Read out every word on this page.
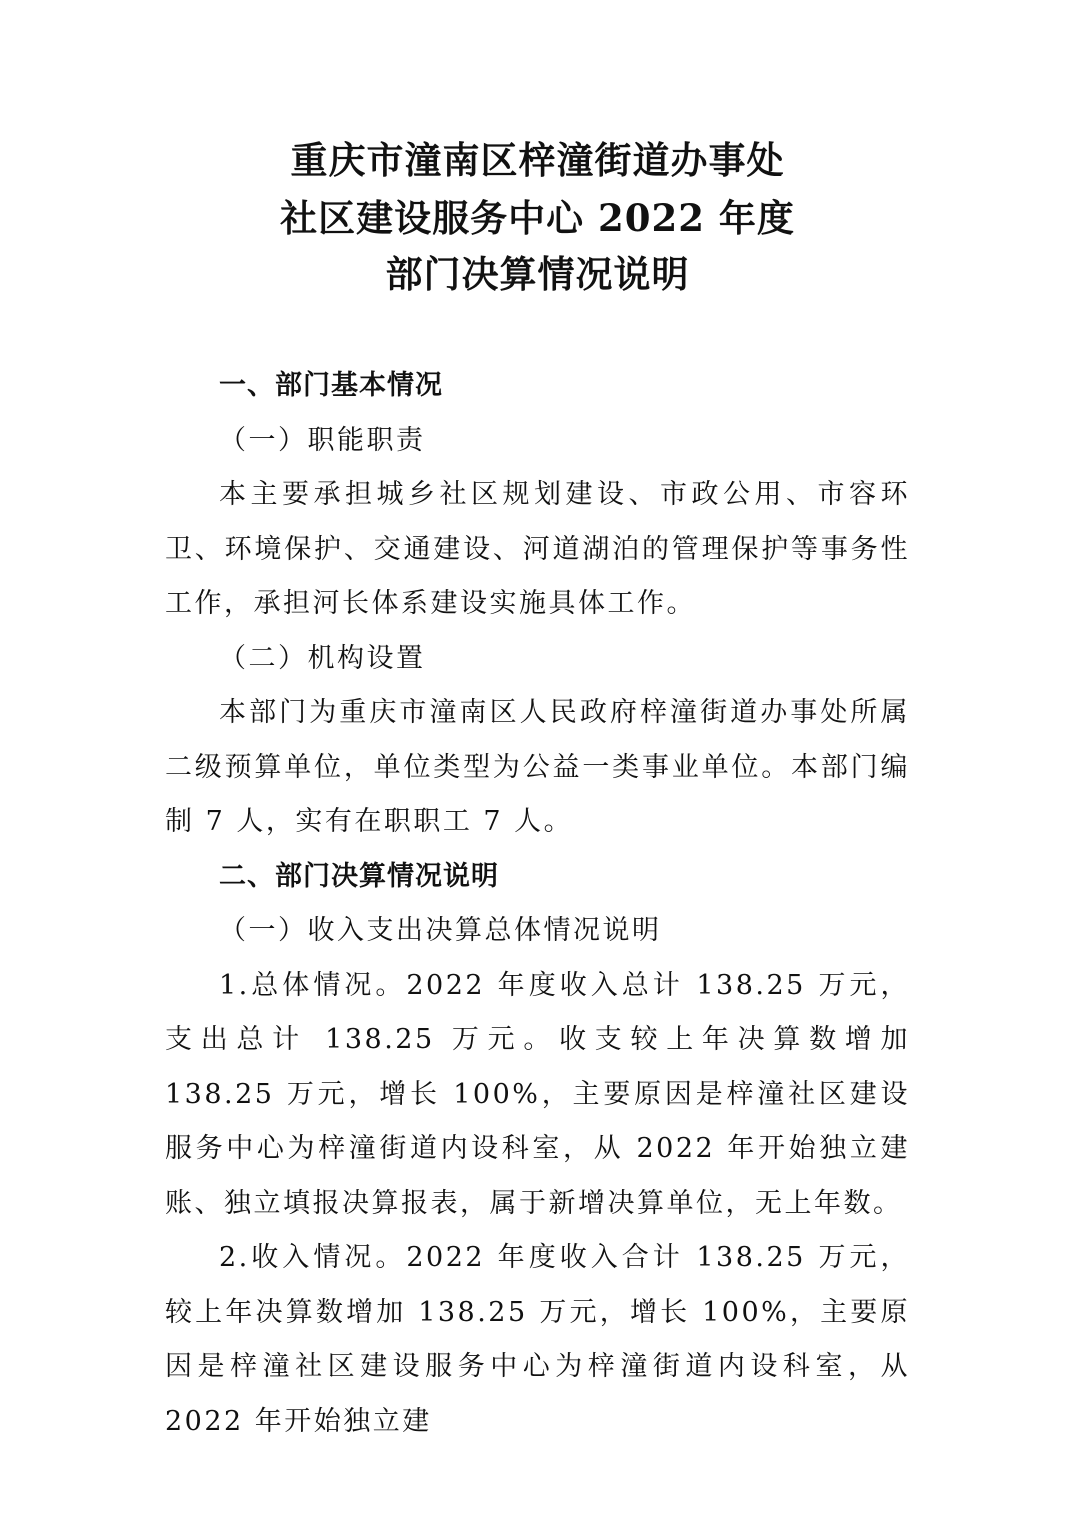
重庆市潼南区梓潼街道办事处
社区建设服务中心 2022 年度
部门决算情况说明
一、部门基本情况
（一）职能职责

本主要承担城乡社区规划建设、市政公用、市容环卫、环境保护、交通建设、河道湖泊的管理保护等事务性工作，承担河长体系建设实施具体工作。

（二）机构设置

本部门为重庆市潼南区人民政府梓潼街道办事处所属二级预算单位，单位类型为公益一类事业单位。本部门编制 7 人，实有在职职工 7 人。

二、部门决算情况说明
（一）收入支出决算总体情况说明

1.总体情况。2022 年度收入总计 138.25 万元，支出总计 138.25 万元。收支较上年决算数增加 138.25 万元，增长 100%，主要原因是梓潼社区建设服务中心为梓潼街道内设科室，从 2022 年开始独立建账、独立填报决算报表，属于新增决算单位，无上年数。

2.收入情况。2022 年度收入合计 138.25 万元，较上年决算数增加 138.25 万元，增长 100%，主要原因是梓潼社区建设服务中心为梓潼街道内设科室，从 2022 年开始独立建
